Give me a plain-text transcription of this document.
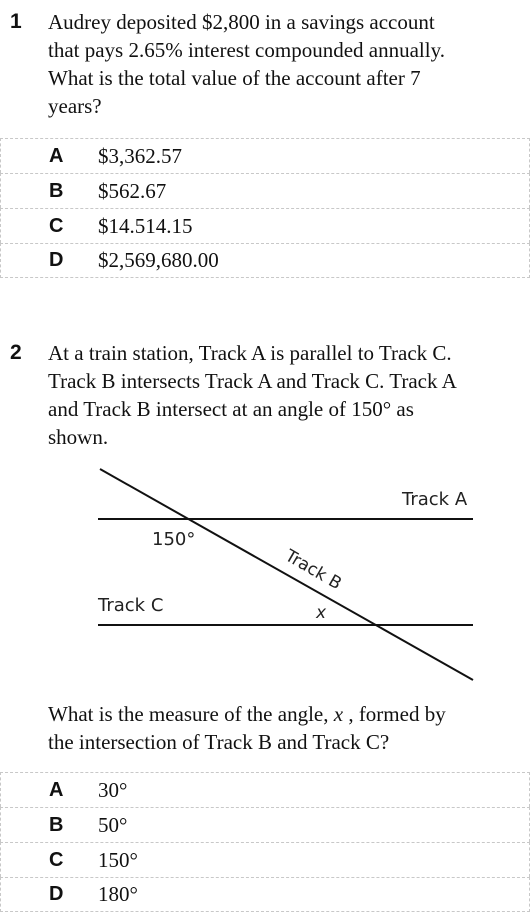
1 Audrey deposited $2,800 in a savings account
that pays 2.65% interest compounded annually.
What is the total value of the account after 7
years?
A	$3,362.57
B	$562.67
C	$14.514.15
D	$2,569,680.00
2 At a train station, Track A is parallel to Track C.
Track B intersects Track A and Track C. Track A
and Track B intersect at an angle of 150° as
shown.
Track A
Track C
150°
Track B
x
What is the measure of the angle, x , formed by
the intersection of Track B and Track C?
A	30°
B	50°
C	150°
D	180°
